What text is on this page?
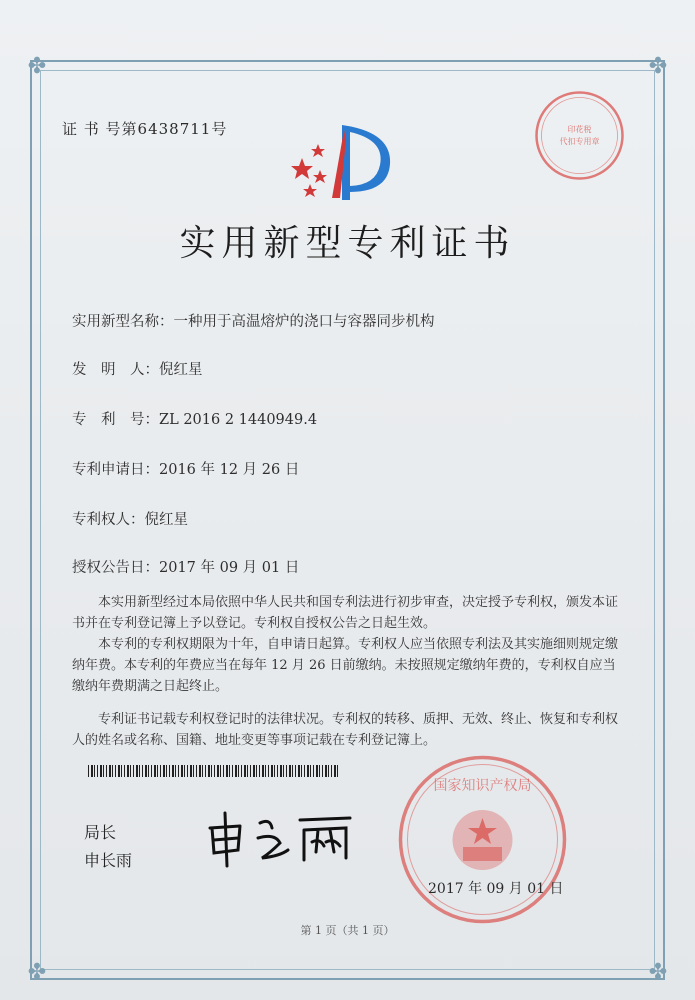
✤	✤
✤	✤
证 书 号第6438711号	印花税
代扣专用章
实用新型专利证书
实用新型名称：一种用于高温熔炉的浇口与容器同步机构
发　明　人：倪红星
专　利　号：ZL 2016 2 1440949.4
专利申请日：2016 年 12 月 26 日
专利权人：倪红星
授权公告日：2017 年 09 月 01 日

本实用新型经过本局依照中华人民共和国专利法进行初步审查，决定授予专利权，颁发本证书并在专利登记簿上予以登记。专利权自授权公告之日起生效。

本专利的专利权期限为十年，自申请日起算。专利权人应当依照专利法及其实施细则规定缴纳年费。本专利的年费应当在每年 12 月 26 日前缴纳。未按照规定缴纳年费的，专利权自应当缴纳年费期满之日起终止。

专利证书记载专利权登记时的法律状况。专利权的转移、质押、无效、终止、恢复和专利权人的姓名或名称、国籍、地址变更等事项记载在专利登记簿上。

局长
申长雨
国家知识产权局
2017 年 09 月 01 日
第 1 页（共 1 页）
